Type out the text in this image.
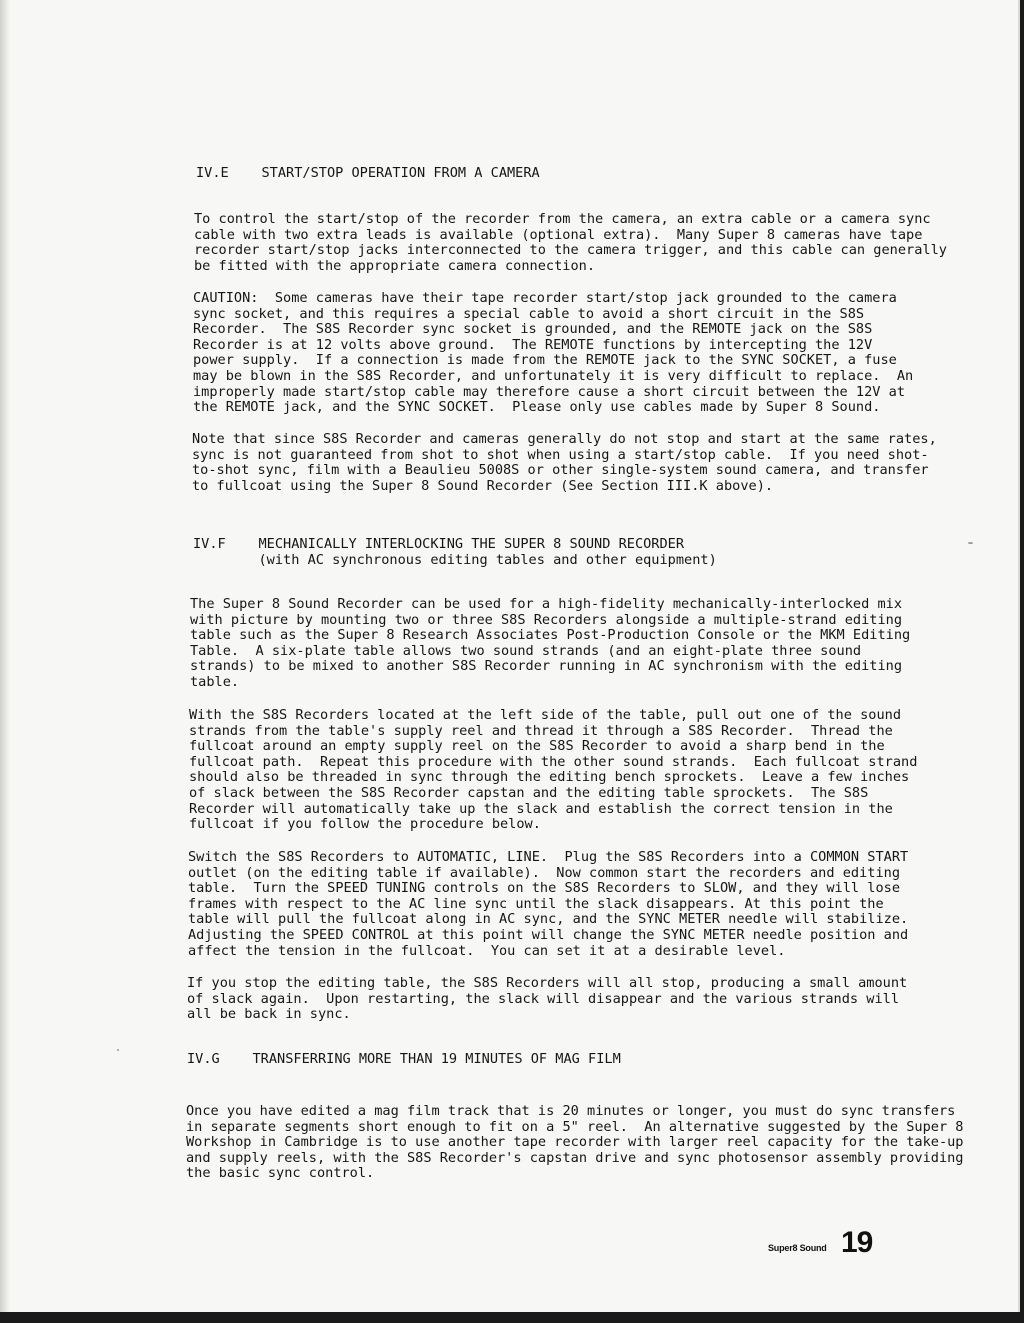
IV.E    START/STOP OPERATION FROM A CAMERA

To control the start/stop of the recorder from the camera, an extra cable or a camera sync
cable with two extra leads is available (optional extra).  Many Super 8 cameras have tape
recorder start/stop jacks interconnected to the camera trigger, and this cable can generally
be fitted with the appropriate camera connection.

CAUTION:  Some cameras have their tape recorder start/stop jack grounded to the camera
sync socket, and this requires a special cable to avoid a short circuit in the S8S
Recorder.  The S8S Recorder sync socket is grounded, and the REMOTE jack on the S8S
Recorder is at 12 volts above ground.  The REMOTE functions by intercepting the 12V
power supply.  If a connection is made from the REMOTE jack to the SYNC SOCKET, a fuse
may be blown in the S8S Recorder, and unfortunately it is very difficult to replace.  An
improperly made start/stop cable may therefore cause a short circuit between the 12V at
the REMOTE jack, and the SYNC SOCKET.  Please only use cables made by Super 8 Sound.

Note that since S8S Recorder and cameras generally do not stop and start at the same rates,
sync is not guaranteed from shot to shot when using a start/stop cable.  If you need shot-
to-shot sync, film with a Beaulieu 5008S or other single-system sound camera, and transfer
to fullcoat using the Super 8 Sound Recorder (See Section III.K above).

IV.F    MECHANICALLY INTERLOCKING THE SUPER 8 SOUND RECORDER
(with AC synchronous editing tables and other equipment)

The Super 8 Sound Recorder can be used for a high-fidelity mechanically-interlocked mix
with picture by mounting two or three S8S Recorders alongside a multiple-strand editing
table such as the Super 8 Research Associates Post-Production Console or the MKM Editing
Table.  A six-plate table allows two sound strands (and an eight-plate three sound
strands) to be mixed to another S8S Recorder running in AC synchronism with the editing
table.

With the S8S Recorders located at the left side of the table, pull out one of the sound
strands from the table's supply reel and thread it through a S8S Recorder.  Thread the
fullcoat around an empty supply reel on the S8S Recorder to avoid a sharp bend in the
fullcoat path.  Repeat this procedure with the other sound strands.  Each fullcoat strand
should also be threaded in sync through the editing bench sprockets.  Leave a few inches
of slack between the S8S Recorder capstan and the editing table sprockets.  The S8S
Recorder will automatically take up the slack and establish the correct tension in the
fullcoat if you follow the procedure below.

Switch the S8S Recorders to AUTOMATIC, LINE.  Plug the S8S Recorders into a COMMON START
outlet (on the editing table if available).  Now common start the recorders and editing
table.  Turn the SPEED TUNING controls on the S8S Recorders to SLOW, and they will lose
frames with respect to the AC line sync until the slack disappears. At this point the
table will pull the fullcoat along in AC sync, and the SYNC METER needle will stabilize.
Adjusting the SPEED CONTROL at this point will change the SYNC METER needle position and
affect the tension in the fullcoat.  You can set it at a desirable level.

If you stop the editing table, the S8S Recorders will all stop, producing a small amount
of slack again.  Upon restarting, the slack will disappear and the various strands will
all be back in sync.

IV.G    TRANSFERRING MORE THAN 19 MINUTES OF MAG FILM

Once you have edited a mag film track that is 20 minutes or longer, you must do sync transfers
in separate segments short enough to fit on a 5" reel.  An alternative suggested by the Super 8
Workshop in Cambridge is to use another tape recorder with larger reel capacity for the take-up
and supply reels, with the S8S Recorder's capstan drive and sync photosensor assembly providing
the basic sync control.

Super8 Sound 19
